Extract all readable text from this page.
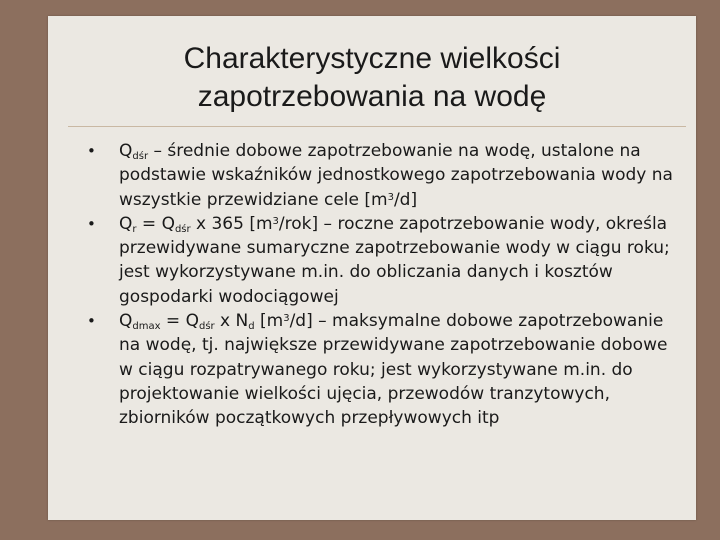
Charakterystyczne wielkości
zapotrzebowania na wodę
• $Q_{dśr}$ – średnie dobowe zapotrzebowanie na wodę, ustalone na podstawie wskaźników jednostkowego zapotrzebowania wody na wszystkie przewidziane cele $[m^3/d]$
• $Q_r = Q_{dśr}$ x 365 $[m^3/rok]$ – roczne zapotrzebowanie wody, określa przewidywane sumaryczne zapotrzebowanie wody w ciągu roku; jest wykorzystywane m.in. do obliczania danych i kosztów gospodarki wodociągowej
• $Q_{dmax} = Q_{dśr}$ x $N_d$ $[m^3/d]$ – maksymalne dobowe zapotrzebowanie na wodę, tj. największe przewidywane zapotrzebowanie dobowe w ciągu rozpatrywanego roku; jest wykorzystywane m.in. do projektowanie wielkości ujęcia, przewodów tranzytowych, zbiorników początkowych przepływowych itp
